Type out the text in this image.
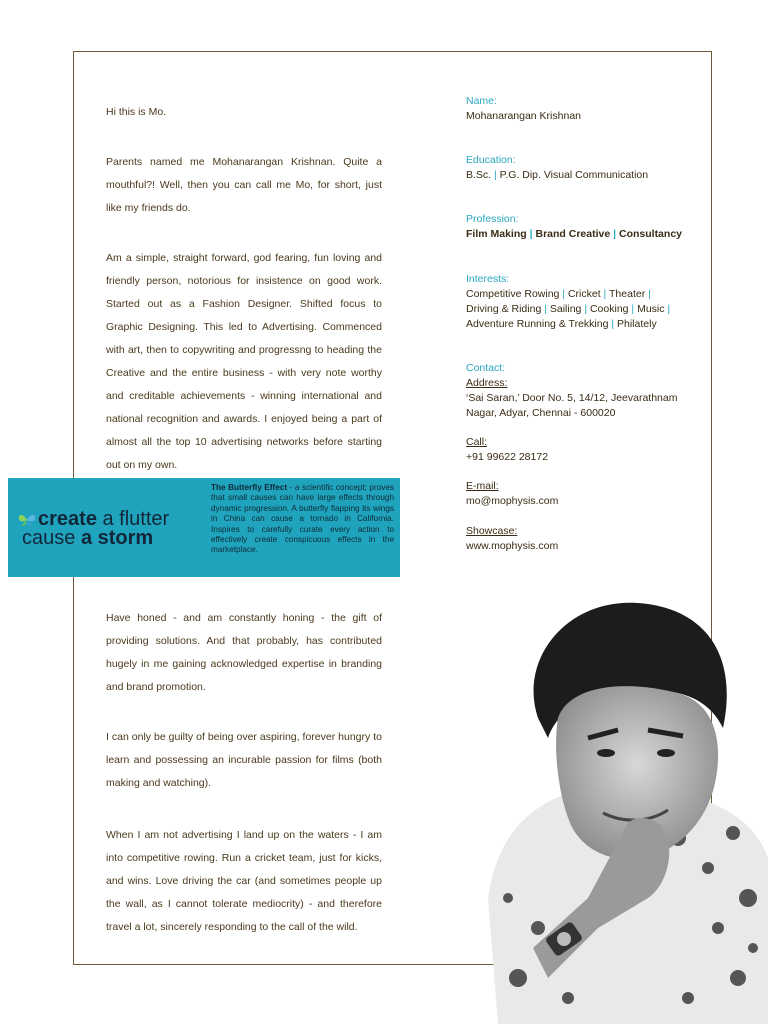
Hi this is Mo.

Parents named me Mohanarangan Krishnan. Quite a mouthful?! Well, then you can call me Mo, for short, just like my friends do.

Am a simple, straight forward, god fearing, fun loving and friendly person, notorious for insistence on good work. Started out as a Fashion Designer. Shifted focus to Graphic Designing. This led to Advertising. Commenced with art, then to copywriting and progressng to heading the Creative and the entire business - with very note worthy and creditable achievements - winning international and national recognition and awards. I enjoyed being a part of almost all the top 10 advertising networks before starting out on my own.

Have honed - and am constantly honing - the gift of providing solutions. And that probably, has contributed hugely in me gaining acknowledged expertise in branding and brand promotion.

I can only be guilty of being over aspiring, forever hungry to learn and possessing an incurable passion for films (both making and watching).

When I am not advertising I land up on the waters - I am into competitive rowing. Run a cricket team, just for kicks, and wins. Love driving the car (and sometimes people up the wall, as I cannot tolerate mediocrity) - and therefore travel a lot, sincerely responding to the call of the wild.

create a flutter
cause a storm
The Butterfly Effect - a scientific concept; proves that small causes can have large effects through dynamic progression. A butterfly flapping its wings in China can cause a tornado in California. Inspires to carefully curate every action to effectively create conspicuous effects in the marketplace.
Name:
Mohanarangan Krishnan
Education:
B.Sc. | P.G. Dip. Visual Communication
Profession:
Film Making | Brand Creative | Consultancy
Interests:
Competitive Rowing | Cricket | Theater |
Driving & Riding | Sailing | Cooking | Music |
Adventure Running & Trekking | Philately
Contact:
Address:
‘Sai Saran,’ Door No. 5, 14/12, Jeevarathnam
Nagar, Adyar, Chennai - 600020
Call:
+91 99622 28172
E-mail:
mo@mophysis.com
Showcase:
www.mophysis.com
